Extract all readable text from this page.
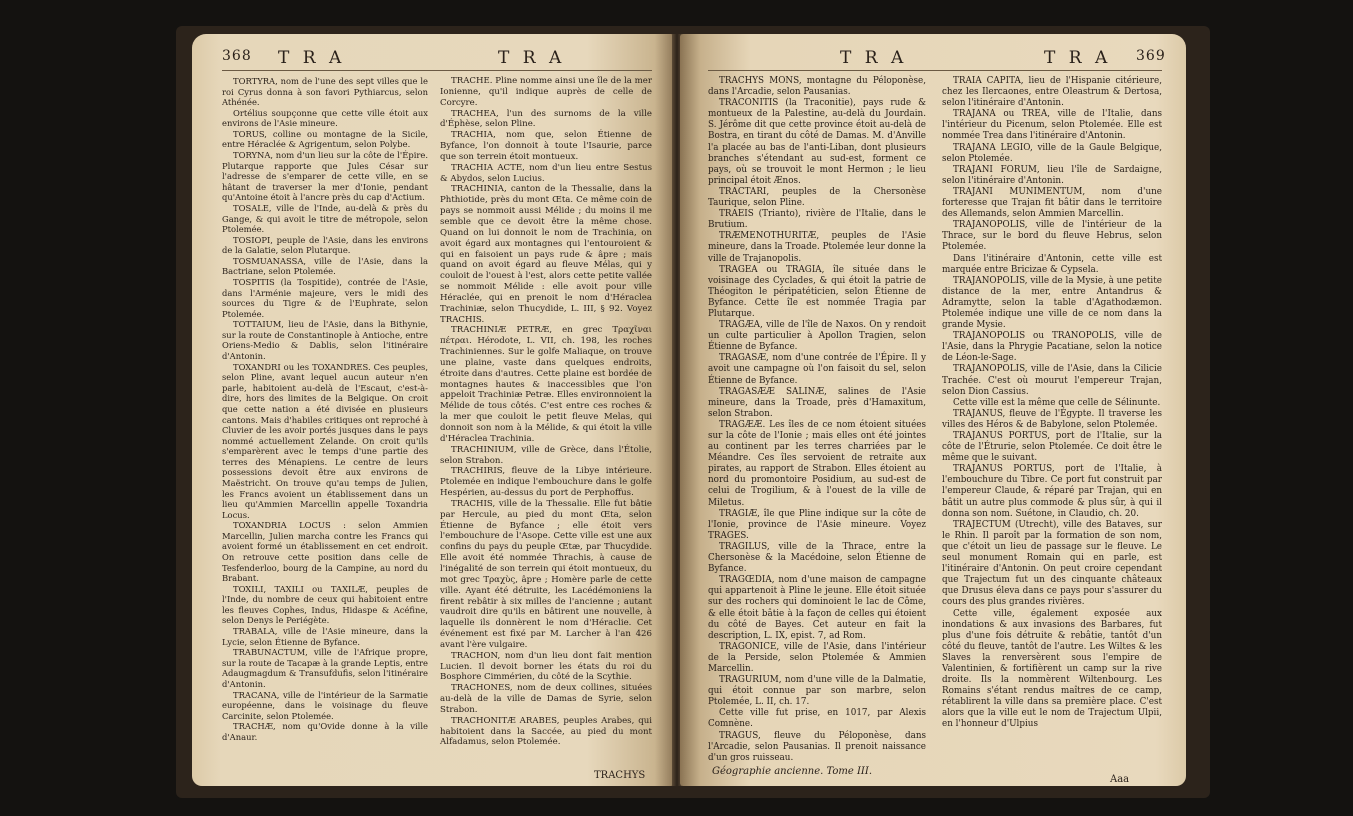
368 T R A	T R A

TORTYRA, nom de l'une des sept villes que le roi Cyrus donna à son favori Pythiarcus, selon Athénée.

Ortélius soupçonne que cette ville étoit aux environs de l'Asie mineure.

TORUS, colline ou montagne de la Sicile, entre Héraclée & Agrigentum, selon Polybe.

TORYNA, nom d'un lieu sur la côte de l'Épire. Plutarque rapporte que Jules César sur l'adresse de s'emparer de cette ville, en se hâtant de traverser la mer d'Ionie, pendant qu'Antoine étoit à l'ancre près du cap d'Actium.

TOSALE, ville de l'Inde, au-delà & près du Gange, & qui avoit le titre de métropole, selon Ptolemée.

TOSIOPI, peuple de l'Asie, dans les environs de la Galatie, selon Plutarque.

TOSMUANASSA, ville de l'Asie, dans la Bactriane, selon Ptolemée.

TOSPITIS (la Tospitide), contrée de l'Asie, dans l'Arménie majeure, vers le midi des sources du Tigre & de l'Euphrate, selon Ptolemée.

TOTTAIUM, lieu de l'Asie, dans la Bithynie, sur la route de Constantinople à Antioche, entre Oriens-Medio & Dablis, selon l'itinéraire d'Antonin.

TOXANDRI ou les TOXANDRES. Ces peuples, selon Pline, avant lequel aucun auteur n'en parle, habitoient au-delà de l'Escaut, c'est-à-dire, hors des limites de la Belgique. On croit que cette nation a été divisée en plusieurs cantons. Mais d'habiles critiques ont reproché à Cluvier de les avoir portés jusques dans le pays nommé actuellement Zelande. On croit qu'ils s'emparèrent avec le temps d'une partie des terres des Ménapiens. Le centre de leurs possessions devoit être aux environs de Maëstricht. On trouve qu'au temps de Julien, les Francs avoient un établissement dans un lieu qu'Ammien Marcellin appelle Toxandria Locus.

TOXANDRIA LOCUS : selon Ammien Marcellin, Julien marcha contre les Francs qui avoient formé un établissement en cet endroit. On retrouve cette position dans celle de Tesfenderloo, bourg de la Campine, au nord du Brabant.

TOXILI, TAXILI ou TAXILÆ, peuples de l'Inde, du nombre de ceux qui habitoient entre les fleuves Cophes, Indus, Hidaspe & Acéfine, selon Denys le Periégète.

TRABALA, ville de l'Asie mineure, dans la Lycie, selon Étienne de Byfance.

TRABUNACTUM, ville de l'Afrique propre, sur la route de Tacapæ à la grande Leptis, entre Adaugmagdum & Transufdufis, selon l'itinéraire d'Antonin.

TRACANA, ville de l'intérieur de la Sarmatie européenne, dans le voisinage du fleuve Carcinite, selon Ptolemée.

TRACHÆ, nom qu'Ovide donne à la ville d'Anaur.

TRACHE. Pline nomme ainsi une île de la mer Ionienne, qu'il indique auprès de celle de Corcyre.

TRACHEA, l'un des surnoms de la ville d'Éphèse, selon Pline.

TRACHIA, nom que, selon Étienne de Byfance, l'on donnoit à toute l'Isaurie, parce que son terrein étoit montueux.

TRACHIA ACTE, nom d'un lieu entre Sestus & Abydos, selon Lucius.

TRACHINIA, canton de la Thessalie, dans la Phthiotide, près du mont Œta. Ce même coin de pays se nommoit aussi Mélide ; du moins il me semble que ce devoit être la même chose. Quand on lui donnoit le nom de Trachinia, on avoit égard aux montagnes qui l'entouroient & qui en faisoient un pays rude & âpre ; mais quand on avoit égard au fleuve Mélas, qui y couloit de l'ouest à l'est, alors cette petite vallée se nommoit Mélide : elle avoit pour ville Héraclée, qui en prenoit le nom d'Héraclea Trachiniæ, selon Thucydide, L. III, § 92. Voyez TRACHIS.

TRACHINIÆ PETRÆ, en grec Τραχῖναι πέτραι. Hérodote, L. VII, ch. 198, les roches Trachiniennes. Sur le golfe Maliaque, on trouve une plaine, vaste dans quelques endroits, étroite dans d'autres. Cette plaine est bordée de montagnes hautes & inaccessibles que l'on appeloit Trachiniæ Petræ. Elles environnoient la Mélide de tous côtés. C'est entre ces roches & la mer que couloit le petit fleuve Melas, qui donnoit son nom à la Mélide, & qui étoit la ville d'Héraclea Trachinia.

TRACHINIUM, ville de Grèce, dans l'Étolie, selon Strabon.

TRACHIRIS, fleuve de la Libye intérieure. Ptolemée en indique l'embouchure dans le golfe Hespérien, au-dessus du port de Perphoffus.

TRACHIS, ville de la Thessalie. Elle fut bâtie par Hercule, au pied du mont Œta, selon Étienne de Byfance ; elle étoit vers l'embouchure de l'Asope. Cette ville est une aux confins du pays du peuple Œtæ, par Thucydide. Elle avoit été nommée Thrachis, à cause de l'inégalité de son terrein qui étoit montueux, du mot grec Τραχὺς, âpre ; Homère parle de cette ville. Ayant été détruite, les Lacédémoniens la firent rebâtir à six milles de l'ancienne ; autant vaudroit dire qu'ils en bâtirent une nouvelle, à laquelle ils donnèrent le nom d'Héraclie. Cet événement est fixé par M. Larcher à l'an 426 avant l'ère vulgaire.

TRACHON, nom d'un lieu dont fait mention Lucien. Il devoit borner les états du roi du Bosphore Cimmérien, du côté de la Scythie.

TRACHONES, nom de deux collines, situées au-delà de la ville de Damas de Syrie, selon Strabon.

TRACHONITÆ ARABES, peuples Arabes, qui habitoient dans la Saccée, au pied du mont Alfadamus, selon Ptolemée.

TRACHYS
T R A	T R A 369

TRACHYS MONS, montagne du Péloponèse, dans l'Arcadie, selon Pausanias.

TRACONITIS (la Traconitie), pays rude & montueux de la Palestine, au-delà du Jourdain. S. Jérôme dit que cette province étoit au-delà de Bostra, en tirant du côté de Damas. M. d'Anville l'a placée au bas de l'anti-Liban, dont plusieurs branches s'étendant au sud-est, forment ce pays, où se trouvoit le mont Hermon ; le lieu principal étoit Ænos.

TRACTARI, peuples de la Chersonèse Taurique, selon Pline.

TRAEIS (Trianto), rivière de l'Italie, dans le Brutium.

TRÆMENOTHURITÆ, peuples de l'Asie mineure, dans la Troade. Ptolemée leur donne la ville de Trajanopolis.

TRAGEA ou TRAGIA, île située dans le voisinage des Cyclades, & qui étoit la patrie de Théogiton le péripatéticien, selon Étienne de Byfance. Cette île est nommée Tragia par Plutarque.

TRAGÆA, ville de l'île de Naxos. On y rendoit un culte particulier à Apollon Tragien, selon Étienne de Byfance.

TRAGASÆ, nom d'une contrée de l'Épire. Il y avoit une campagne où l'on faisoit du sel, selon Étienne de Byfance.

TRAGASÆÆ SALINÆ, salines de l'Asie mineure, dans la Troade, près d'Hamaxitum, selon Strabon.

TRAGÆÆ. Les îles de ce nom étoient situées sur la côte de l'Ionie ; mais elles ont été jointes au continent par les terres charriées par le Méandre. Ces îles servoient de retraite aux pirates, au rapport de Strabon. Elles étoient au nord du promontoire Posidium, au sud-est de celui de Trogilium, & à l'ouest de la ville de Miletus.

TRAGIÆ, île que Pline indique sur la côte de l'Ionie, province de l'Asie mineure. Voyez TRAGES.

TRAGILUS, ville de la Thrace, entre la Chersonèse & la Macédoine, selon Étienne de Byfance.

TRAGŒDIA, nom d'une maison de campagne qui appartenoit à Pline le jeune. Elle étoit située sur des rochers qui dominoient le lac de Côme, & elle étoit bâtie à la façon de celles qui étoient du côté de Bayes. Cet auteur en fait la description, L. IX, epist. 7, ad Rom.

TRAGONICE, ville de l'Asie, dans l'intérieur de la Perside, selon Ptolemée & Ammien Marcellin.

TRAGURIUM, nom d'une ville de la Dalmatie, qui étoit connue par son marbre, selon Ptolemée, L. II, ch. 17.

Cette ville fut prise, en 1017, par Alexis Comnène.

TRAGUS, fleuve du Péloponèse, dans l'Arcadie, selon Pausanias. Il prenoit naissance d'un gros ruisseau.

TRAIA CAPITA, lieu de l'Hispanie citérieure, chez les Ilercaones, entre Oleastrum & Dertosa, selon l'itinéraire d'Antonin.

TRAJANA ou TREA, ville de l'Italie, dans l'intérieur du Picenum, selon Ptolemée. Elle est nommée Trea dans l'itinéraire d'Antonin.

TRAJANA LEGIO, ville de la Gaule Belgique, selon Ptolemée.

TRAJANI FORUM, lieu l'île de Sardaigne, selon l'itinéraire d'Antonin.

TRAJANI MUNIMENTUM, nom d'une forteresse que Trajan fit bâtir dans le territoire des Allemands, selon Ammien Marcellin.

TRAJANOPOLIS, ville de l'intérieur de la Thrace, sur le bord du fleuve Hebrus, selon Ptolemée.

Dans l'itinéraire d'Antonin, cette ville est marquée entre Bricizae & Cypsela.

TRAJANOPOLIS, ville de la Mysie, à une petite distance de la mer, entre Antandrus & Adramytte, selon la table d'Agathodæmon. Ptolemée indique une ville de ce nom dans la grande Mysie.

TRAJANOPOLIS ou TRANOPOLIS, ville de l'Asie, dans la Phrygie Pacatiane, selon la notice de Léon-le-Sage.

TRAJANOPOLIS, ville de l'Asie, dans la Cilicie Trachée. C'est où mourut l'empereur Trajan, selon Dion Cassius.

Cette ville est la même que celle de Sélinunte.

TRAJANUS, fleuve de l'Égypte. Il traverse les villes des Héros & de Babylone, selon Ptolemée.

TRAJANUS PORTUS, port de l'Italie, sur la côte de l'Étrurie, selon Ptolemée. Ce doit être le même que le suivant.

TRAJANUS PORTUS, port de l'Italie, à l'embouchure du Tibre. Ce port fut construit par l'empereur Claude, & réparé par Trajan, qui en bâtit un autre plus commode & plus sûr, à qui il donna son nom. Suétone, in Claudio, ch. 20.

TRAJECTUM (Utrecht), ville des Bataves, sur le Rhin. Il paroît par la formation de son nom, que c'étoit un lieu de passage sur le fleuve. Le seul monument Romain qui en parle, est l'itinéraire d'Antonin. On peut croire cependant que Trajectum fut un des cinquante châteaux que Drusus éleva dans ce pays pour s'assurer du cours des plus grandes rivières.

Cette ville, également exposée aux inondations & aux invasions des Barbares, fut plus d'une fois détruite & rebâtie, tantôt d'un côté du fleuve, tantôt de l'autre. Les Wiltes & les Slaves la renversèrent sous l'empire de Valentinien, & fortifièrent un camp sur la rive droite. Ils la nommèrent Wiltenbourg. Les Romains s'étant rendus maîtres de ce camp, rétablirent la ville dans sa première place. C'est alors que la ville eut le nom de Trajectum Ulpii, en l'honneur d'Ulpius

Géographie ancienne. Tome III.
Aaa
